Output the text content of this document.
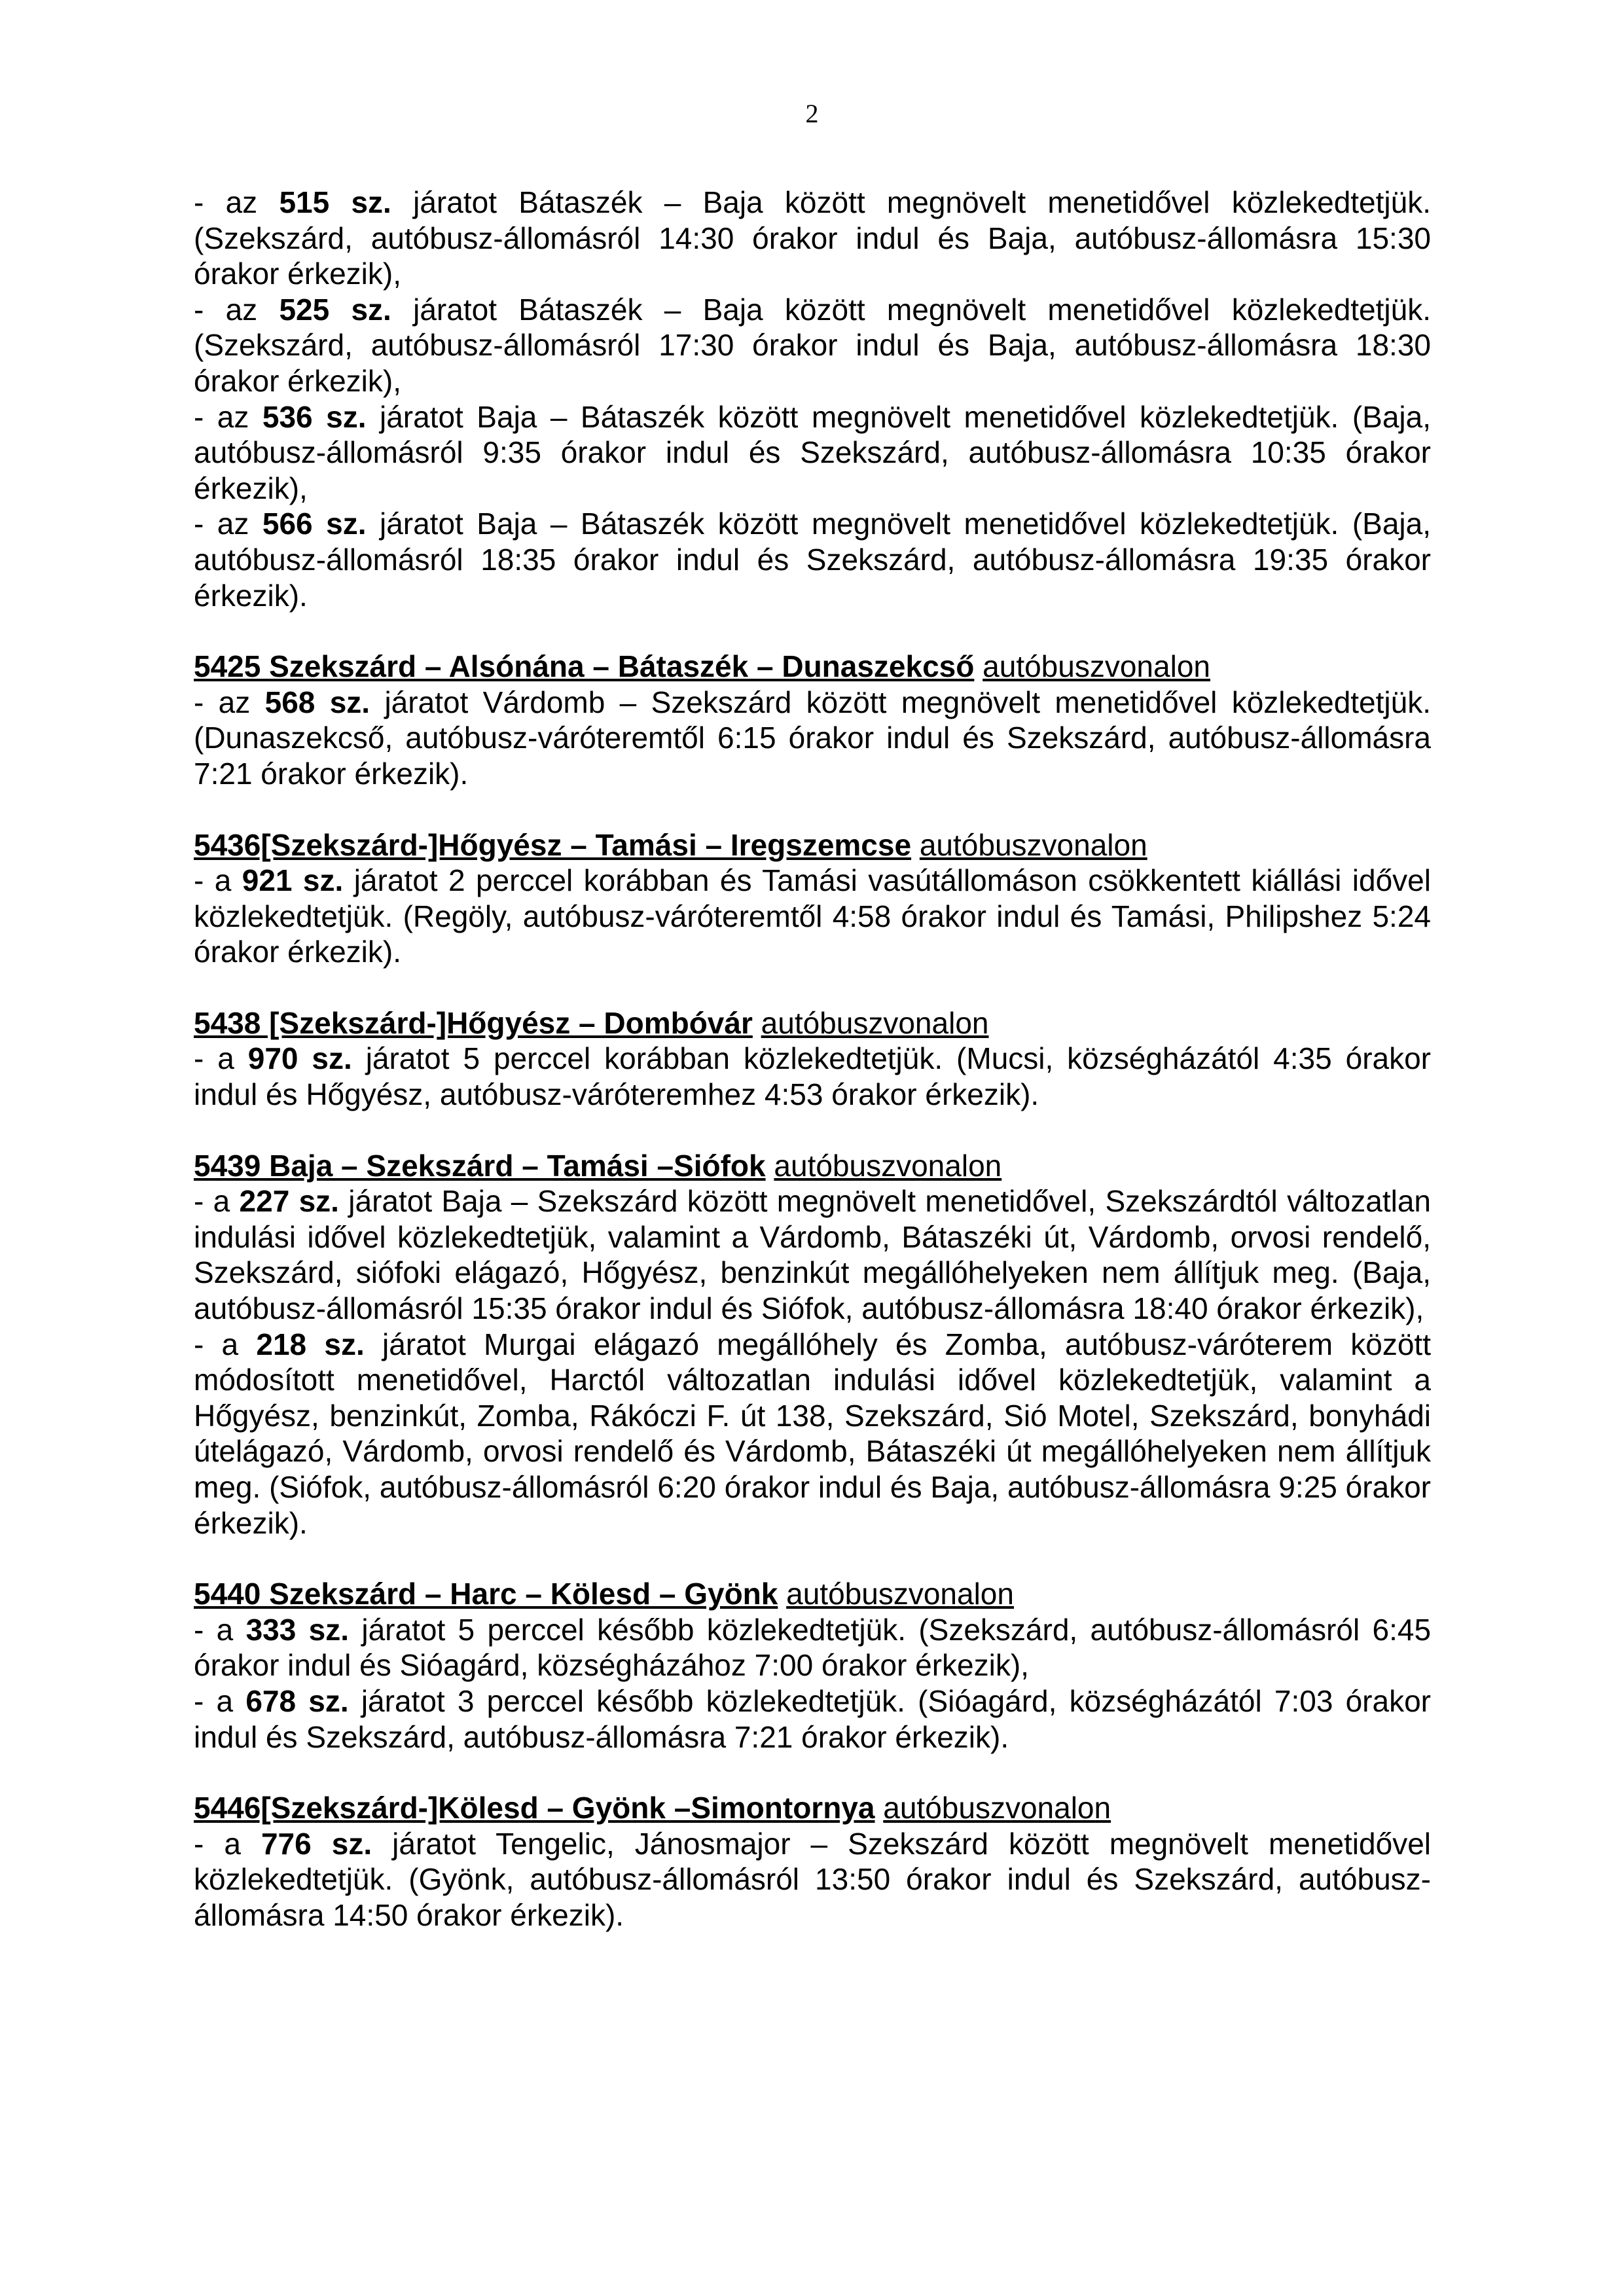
2

- az 515 sz. járatot Bátaszék – Baja között megnövelt menetidővel közlekedtetjük. (Szekszárd, autóbusz-állomásról 14:30 órakor indul és Baja, autóbusz-állomásra 15:30 órakor érkezik),

- az 525 sz. járatot Bátaszék – Baja között megnövelt menetidővel közlekedtetjük. (Szekszárd, autóbusz-állomásról 17:30 órakor indul és Baja, autóbusz-állomásra 18:30 órakor érkezik),

- az 536 sz. járatot Baja – Bátaszék között megnövelt menetidővel közlekedtetjük. (Baja, autóbusz-állomásról 9:35 órakor indul és Szekszárd, autóbusz-állomásra 10:35 órakor érkezik),

- az 566 sz. járatot Baja – Bátaszék között megnövelt menetidővel közlekedtetjük. (Baja, autóbusz-állomásról 18:35 órakor indul és Szekszárd, autóbusz-állomásra 19:35 órakor érkezik).

5425 Szekszárd – Alsónána – Bátaszék – Dunaszekcső autóbuszvonalon

- az 568 sz. járatot Várdomb – Szekszárd között megnövelt menetidővel közlekedtetjük. (Dunaszekcső, autóbusz-váróteremtől 6:15 órakor indul és Szekszárd, autóbusz-állomásra 7:21 órakor érkezik).

5436[Szekszárd-]Hőgyész – Tamási – Iregszemcse autóbuszvonalon

- a 921 sz. járatot 2 perccel korábban és Tamási vasútállomáson csökkentett kiállási idővel közlekedtetjük. (Regöly, autóbusz-váróteremtől 4:58 órakor indul és Tamási, Philipshez 5:24 órakor érkezik).

5438 [Szekszárd-]Hőgyész – Dombóvár autóbuszvonalon

- a 970 sz. járatot 5 perccel korábban közlekedtetjük. (Mucsi, községházától 4:35 órakor indul és Hőgyész, autóbusz-váróteremhez 4:53 órakor érkezik).

5439 Baja – Szekszárd – Tamási –Siófok autóbuszvonalon

- a 227 sz. járatot Baja – Szekszárd között megnövelt menetidővel, Szekszárdtól változatlan indulási idővel közlekedtetjük, valamint a Várdomb, Bátaszéki út, Várdomb, orvosi rendelő, Szekszárd, siófoki elágazó, Hőgyész, benzinkút megállóhelyeken nem állítjuk meg. (Baja, autóbusz-állomásról 15:35 órakor indul és Siófok, autóbusz-állomásra 18:40 órakor érkezik),

- a 218 sz. járatot Murgai elágazó megállóhely és Zomba, autóbusz-váróterem között módosított menetidővel, Harctól változatlan indulási idővel közlekedtetjük, valamint a Hőgyész, benzinkút, Zomba, Rákóczi F. út 138, Szekszárd, Sió Motel, Szekszárd, bonyhádi útelágazó, Várdomb, orvosi rendelő és Várdomb, Bátaszéki út megállóhelyeken nem állítjuk meg. (Siófok, autóbusz-állomásról 6:20 órakor indul és Baja, autóbusz-állomásra 9:25 órakor érkezik).

5440 Szekszárd – Harc – Kölesd – Gyönk autóbuszvonalon

- a 333 sz. járatot 5 perccel később közlekedtetjük. (Szekszárd, autóbusz-állomásról 6:45 órakor indul és Sióagárd, községházához 7:00 órakor érkezik),

- a 678 sz. járatot 3 perccel később közlekedtetjük. (Sióagárd, községházától 7:03 órakor indul és Szekszárd, autóbusz-állomásra 7:21 órakor érkezik).

5446[Szekszárd-]Kölesd – Gyönk –Simontornya autóbuszvonalon

- a 776 sz. járatot Tengelic, Jánosmajor – Szekszárd között megnövelt menetidővel közlekedtetjük. (Gyönk, autóbusz-állomásról 13:50 órakor indul és Szekszárd, autóbusz-állomásra 14:50 órakor érkezik).
